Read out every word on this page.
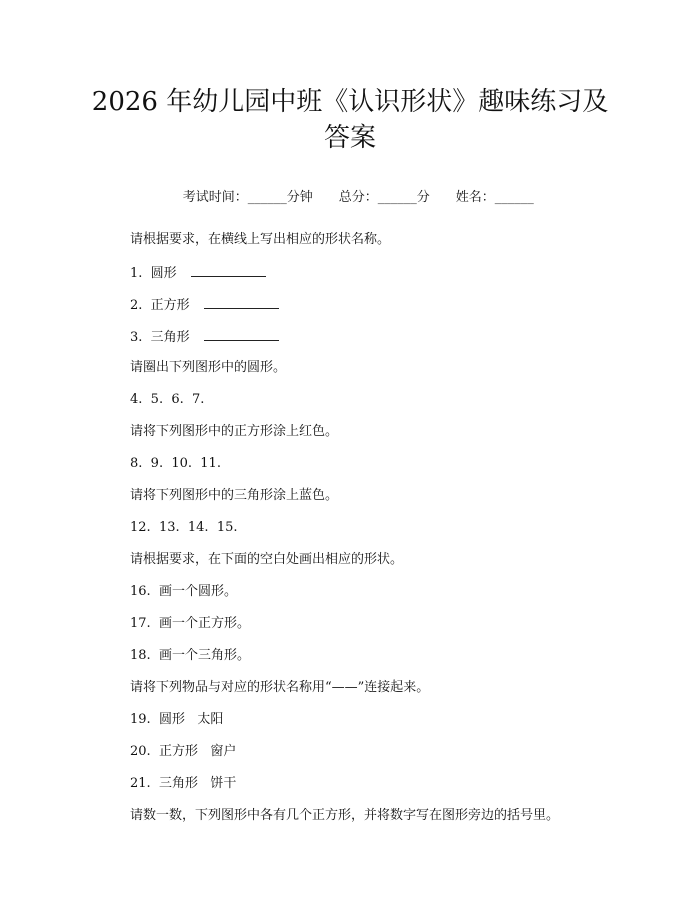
2026 年幼儿园中班《认识形状》趣味练习及
答案

考试时间：______分钟 总分：______分 姓名：______

请根据要求，在横线上写出相应的形状名称。
1.  圆形
2.  正方形
3.  三角形
请圈出下列图形中的圆形。
4.  5.  6.  7.
请将下列图形中的正方形涂上红色。
8.  9.  10.  11.
请将下列图形中的三角形涂上蓝色。
12.  13.  14.  15.
请根据要求，在下面的空白处画出相应的形状。
16.  画一个圆形。
17.  画一个正方形。
18.  画一个三角形。
请将下列物品与对应的形状名称用“——”连接起来。
19.  圆形   太阳
20.  正方形   窗户
21.  三角形   饼干
请数一数，下列图形中各有几个正方形，并将数字写在图形旁边的括号里。
